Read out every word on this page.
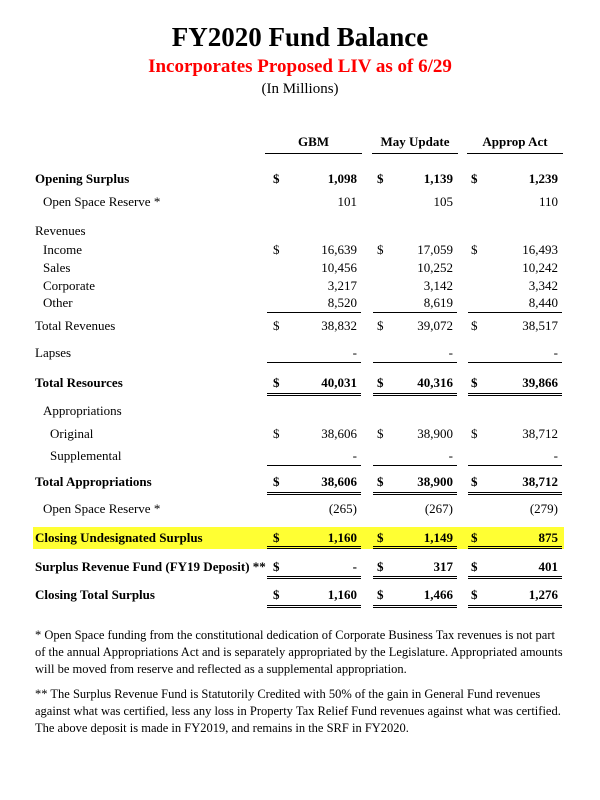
FY2020 Fund Balance
Incorporates Proposed LIV as of 6/29
(In Millions)
GBM	May Update	Approp Act
Opening Surplus	$	1,098 $	1,139 $	1,239
Open Space Reserve *	101	105	110
Revenues
Income	$	16,639 $	17,059 $	16,493
Sales	10,456	10,252	10,242
Corporate	3,217	3,142	3,342
Other	8,520	8,619	8,440
Total Revenues	$	38,832 $	39,072 $	38,517
Lapses	-	-	-
Total Resources	$	40,031 $	40,316 $	39,866
Appropriations
Original	$	38,606 $	38,900 $	38,712
Supplemental	-	-	-
Total Appropriations	$	38,606 $	38,900 $	38,712
Open Space Reserve *	(265)	(267)	(279)
Closing Undesignated Surplus	$	1,160 $	1,149 $	875
Surplus Revenue Fund (FY19 Deposit) ** $	- $	317 $	401
Closing Total Surplus	$	1,160 $	1,466 $	1,276
* Open Space funding from the constitutional dedication of Corporate Business Tax revenues is not part of the annual Appropriations Act and is separately appropriated by the Legislature. Appropriated amounts will be moved from reserve and reflected as a supplemental appropriation.
** The Surplus Revenue Fund is Statutorily Credited with 50% of the gain in General Fund revenues against what was certified, less any loss in Property Tax Relief Fund revenues against what was certified. The above deposit is made in FY2019, and remains in the SRF in FY2020.
